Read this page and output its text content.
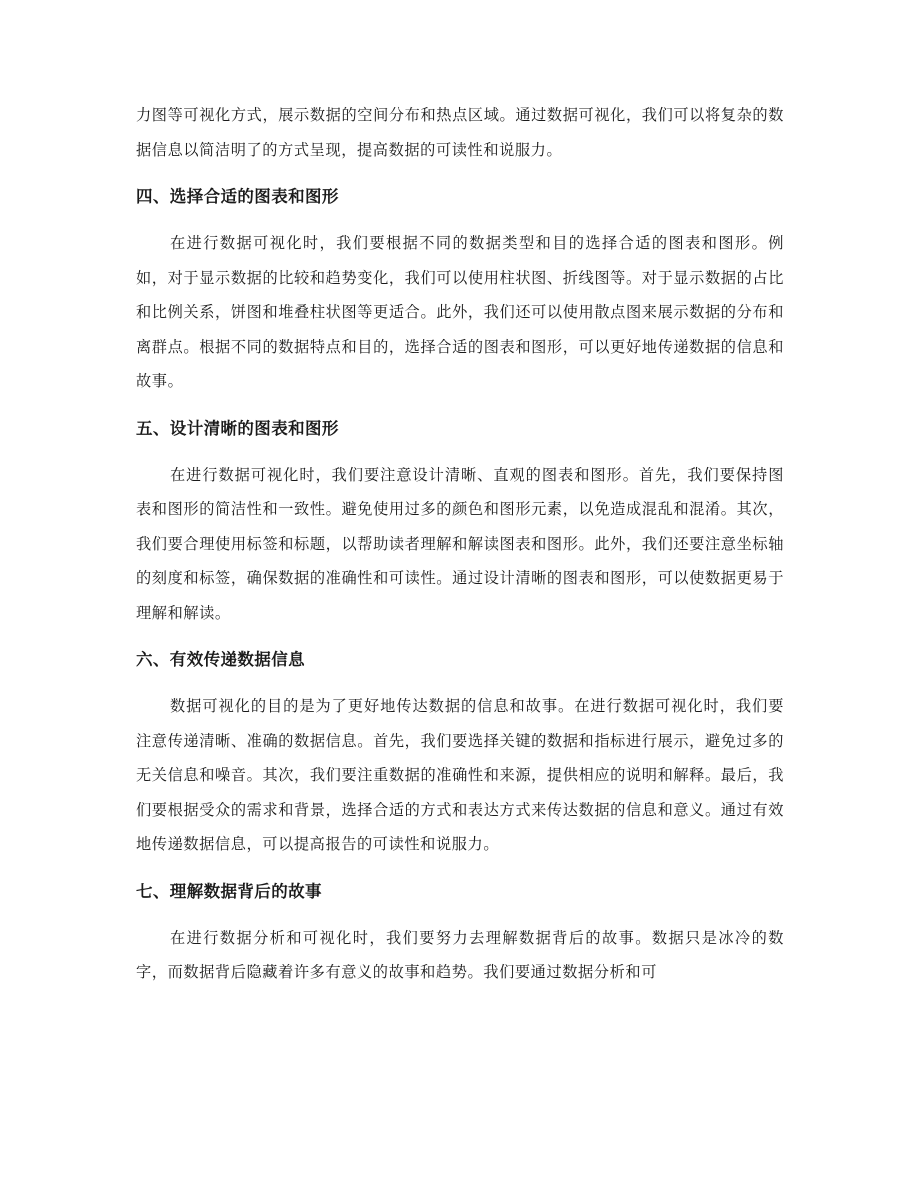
力图等可视化方式，展示数据的空间分布和热点区域。通过数据可视化，我们可以将复杂的数据信息以简洁明了的方式呈现，提高数据的可读性和说服力。

四、选择合适的图表和图形

在进行数据可视化时，我们要根据不同的数据类型和目的选择合适的图表和图形。例如，对于显示数据的比较和趋势变化，我们可以使用柱状图、折线图等。对于显示数据的占比和比例关系，饼图和堆叠柱状图等更适合。此外，我们还可以使用散点图来展示数据的分布和离群点。根据不同的数据特点和目的，选择合适的图表和图形，可以更好地传递数据的信息和故事。

五、设计清晰的图表和图形

在进行数据可视化时，我们要注意设计清晰、直观的图表和图形。首先，我们要保持图表和图形的简洁性和一致性。避免使用过多的颜色和图形元素，以免造成混乱和混淆。其次，我们要合理使用标签和标题，以帮助读者理解和解读图表和图形。此外，我们还要注意坐标轴的刻度和标签，确保数据的准确性和可读性。通过设计清晰的图表和图形，可以使数据更易于理解和解读。

六、有效传递数据信息

数据可视化的目的是为了更好地传达数据的信息和故事。在进行数据可视化时，我们要注意传递清晰、准确的数据信息。首先，我们要选择关键的数据和指标进行展示，避免过多的无关信息和噪音。其次，我们要注重数据的准确性和来源，提供相应的说明和解释。最后，我们要根据受众的需求和背景，选择合适的方式和表达方式来传达数据的信息和意义。通过有效地传递数据信息，可以提高报告的可读性和说服力。

七、理解数据背后的故事

在进行数据分析和可视化时，我们要努力去理解数据背后的故事。数据只是冰冷的数字，而数据背后隐藏着许多有意义的故事和趋势。我们要通过数据分析和可
